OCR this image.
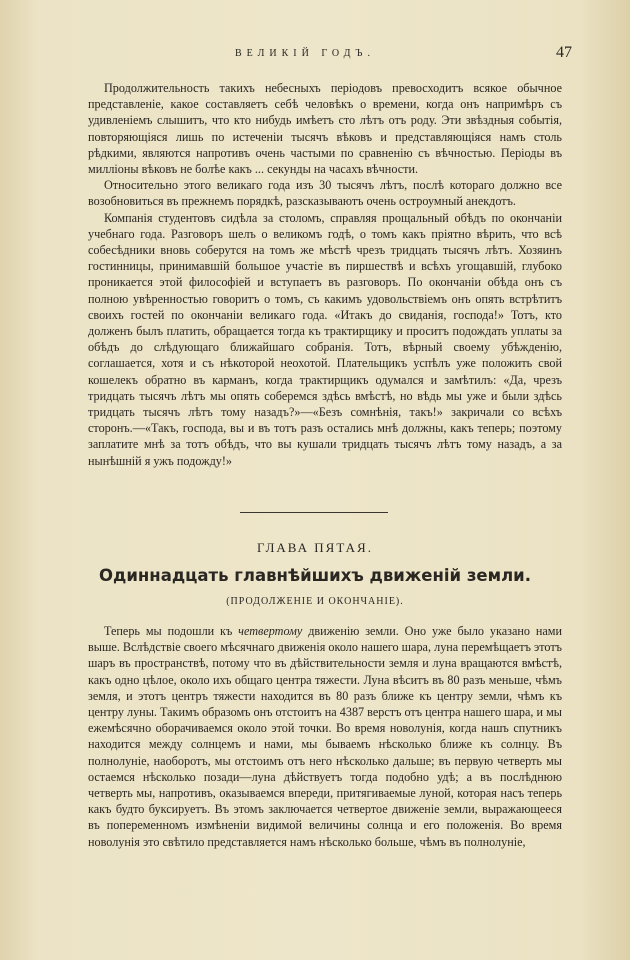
ВЕЛИКІЙ ГОДЪ.	47

Продолжительность такихъ небесныхъ періодовъ превосходитъ всякое обычное представленіе, какое составляетъ себѣ человѣкъ о времени, когда онъ напримѣръ съ удивленіемъ слышитъ, что кто нибудь имѣетъ сто лѣтъ отъ роду. Эти звѣздныя событія, повторяющіяся лишь по истеченіи тысячъ вѣковъ и представляющіяся намъ столь рѣдкими, являются напротивъ очень частыми по сравненію съ вѣчностью. Періоды въ милліоны вѣковъ не болѣе какъ ... секунды на часахъ вѣчности.

Относительно этого великаго года изъ 30 тысячъ лѣтъ, послѣ котораго должно все возобновиться въ прежнемъ порядкѣ, разсказываютъ очень остроумный анекдотъ.

Компанія студентовъ сидѣла за столомъ, справляя прощальный обѣдъ по окончаніи учебнаго года. Разговоръ шелъ о великомъ годѣ, о томъ какъ пріятно вѣрить, что всѣ собесѣдники вновь соберутся на томъ же мѣстѣ чрезъ тридцать тысячъ лѣтъ. Хозяинъ гостинницы, принимавшій большое участіе въ пиршествѣ и всѣхъ угощавшій, глубоко проникается этой философіей и вступаетъ въ разговоръ. По окончаніи обѣда онъ съ полною увѣренностью говоритъ о томъ, съ какимъ удовольствіемъ онъ опять встрѣтитъ своихъ гостей по окончаніи великаго года. «Итакъ до свиданія, господа!» Тотъ, кто долженъ былъ платить, обращается тогда къ трактирщику и проситъ подождать уплаты за обѣдъ до слѣдующаго ближайшаго собранія. Тотъ, вѣрный своему убѣжденію, соглашается, хотя и съ нѣкоторой неохотой. Плательщикъ успѣлъ уже положить свой кошелекъ обратно въ карманъ, когда трактирщикъ одумался и замѣтилъ: «Да, чрезъ тридцать тысячъ лѣтъ мы опять соберемся здѣсь вмѣстѣ, но вѣдь мы уже и были здѣсь тридцать тысячъ лѣтъ тому назадъ?»—«Безъ сомнѣнія, такъ!» закричали со всѣхъ сторонъ.—«Такъ, господа, вы и въ тотъ разъ остались мнѣ должны, какъ теперь; поэтому заплатите мнѣ за тотъ обѣдъ, что вы кушали тридцать тысячъ лѣтъ тому назадъ, а за нынѣшній я ужъ подожду!»

ГЛАВА ПЯТАЯ.
Одиннадцать главнѣйшихъ движеній земли.
(ПРОДОЛЖЕНІЕ И ОКОНЧАНІЕ).

Теперь мы подошли къ четвертому движенію земли. Оно уже было указано нами выше. Вслѣдствіе своего мѣсячнаго движенія около нашего шара, луна перемѣщаетъ этотъ шаръ въ пространствѣ, потому что въ дѣйствительности земля и луна вращаются вмѣстѣ, какъ одно цѣлое, около ихъ общаго центра тяжести. Луна вѣситъ въ 80 разъ меньше, чѣмъ земля, и этотъ центръ тяжести находится въ 80 разъ ближе къ центру земли, чѣмъ къ центру луны. Такимъ образомъ онъ отстоитъ на 4387 верстъ отъ центра нашего шара, и мы ежемѣсячно оборачиваемся около этой точки. Во время новолунія, когда нашъ спутникъ находится между солнцемъ и нами, мы бываемъ нѣсколько ближе къ солнцу. Въ полнолуніе, наоборотъ, мы отстоимъ отъ него нѣсколько дальше; въ первую четверть мы остаемся нѣсколько позади—луна дѣйствуетъ тогда подобно удѣ; а въ послѣднюю четверть мы, напротивъ, оказываемся впереди, притягиваемые луной, которая насъ теперь какъ будто буксируетъ. Въ этомъ заключается четвертое движеніе земли, выражающееся въ попеременномъ измѣненіи видимой величины солнца и его положенія. Во время новолунія это свѣтило представляется намъ нѣсколько больше, чѣмъ въ полнолуніе,
